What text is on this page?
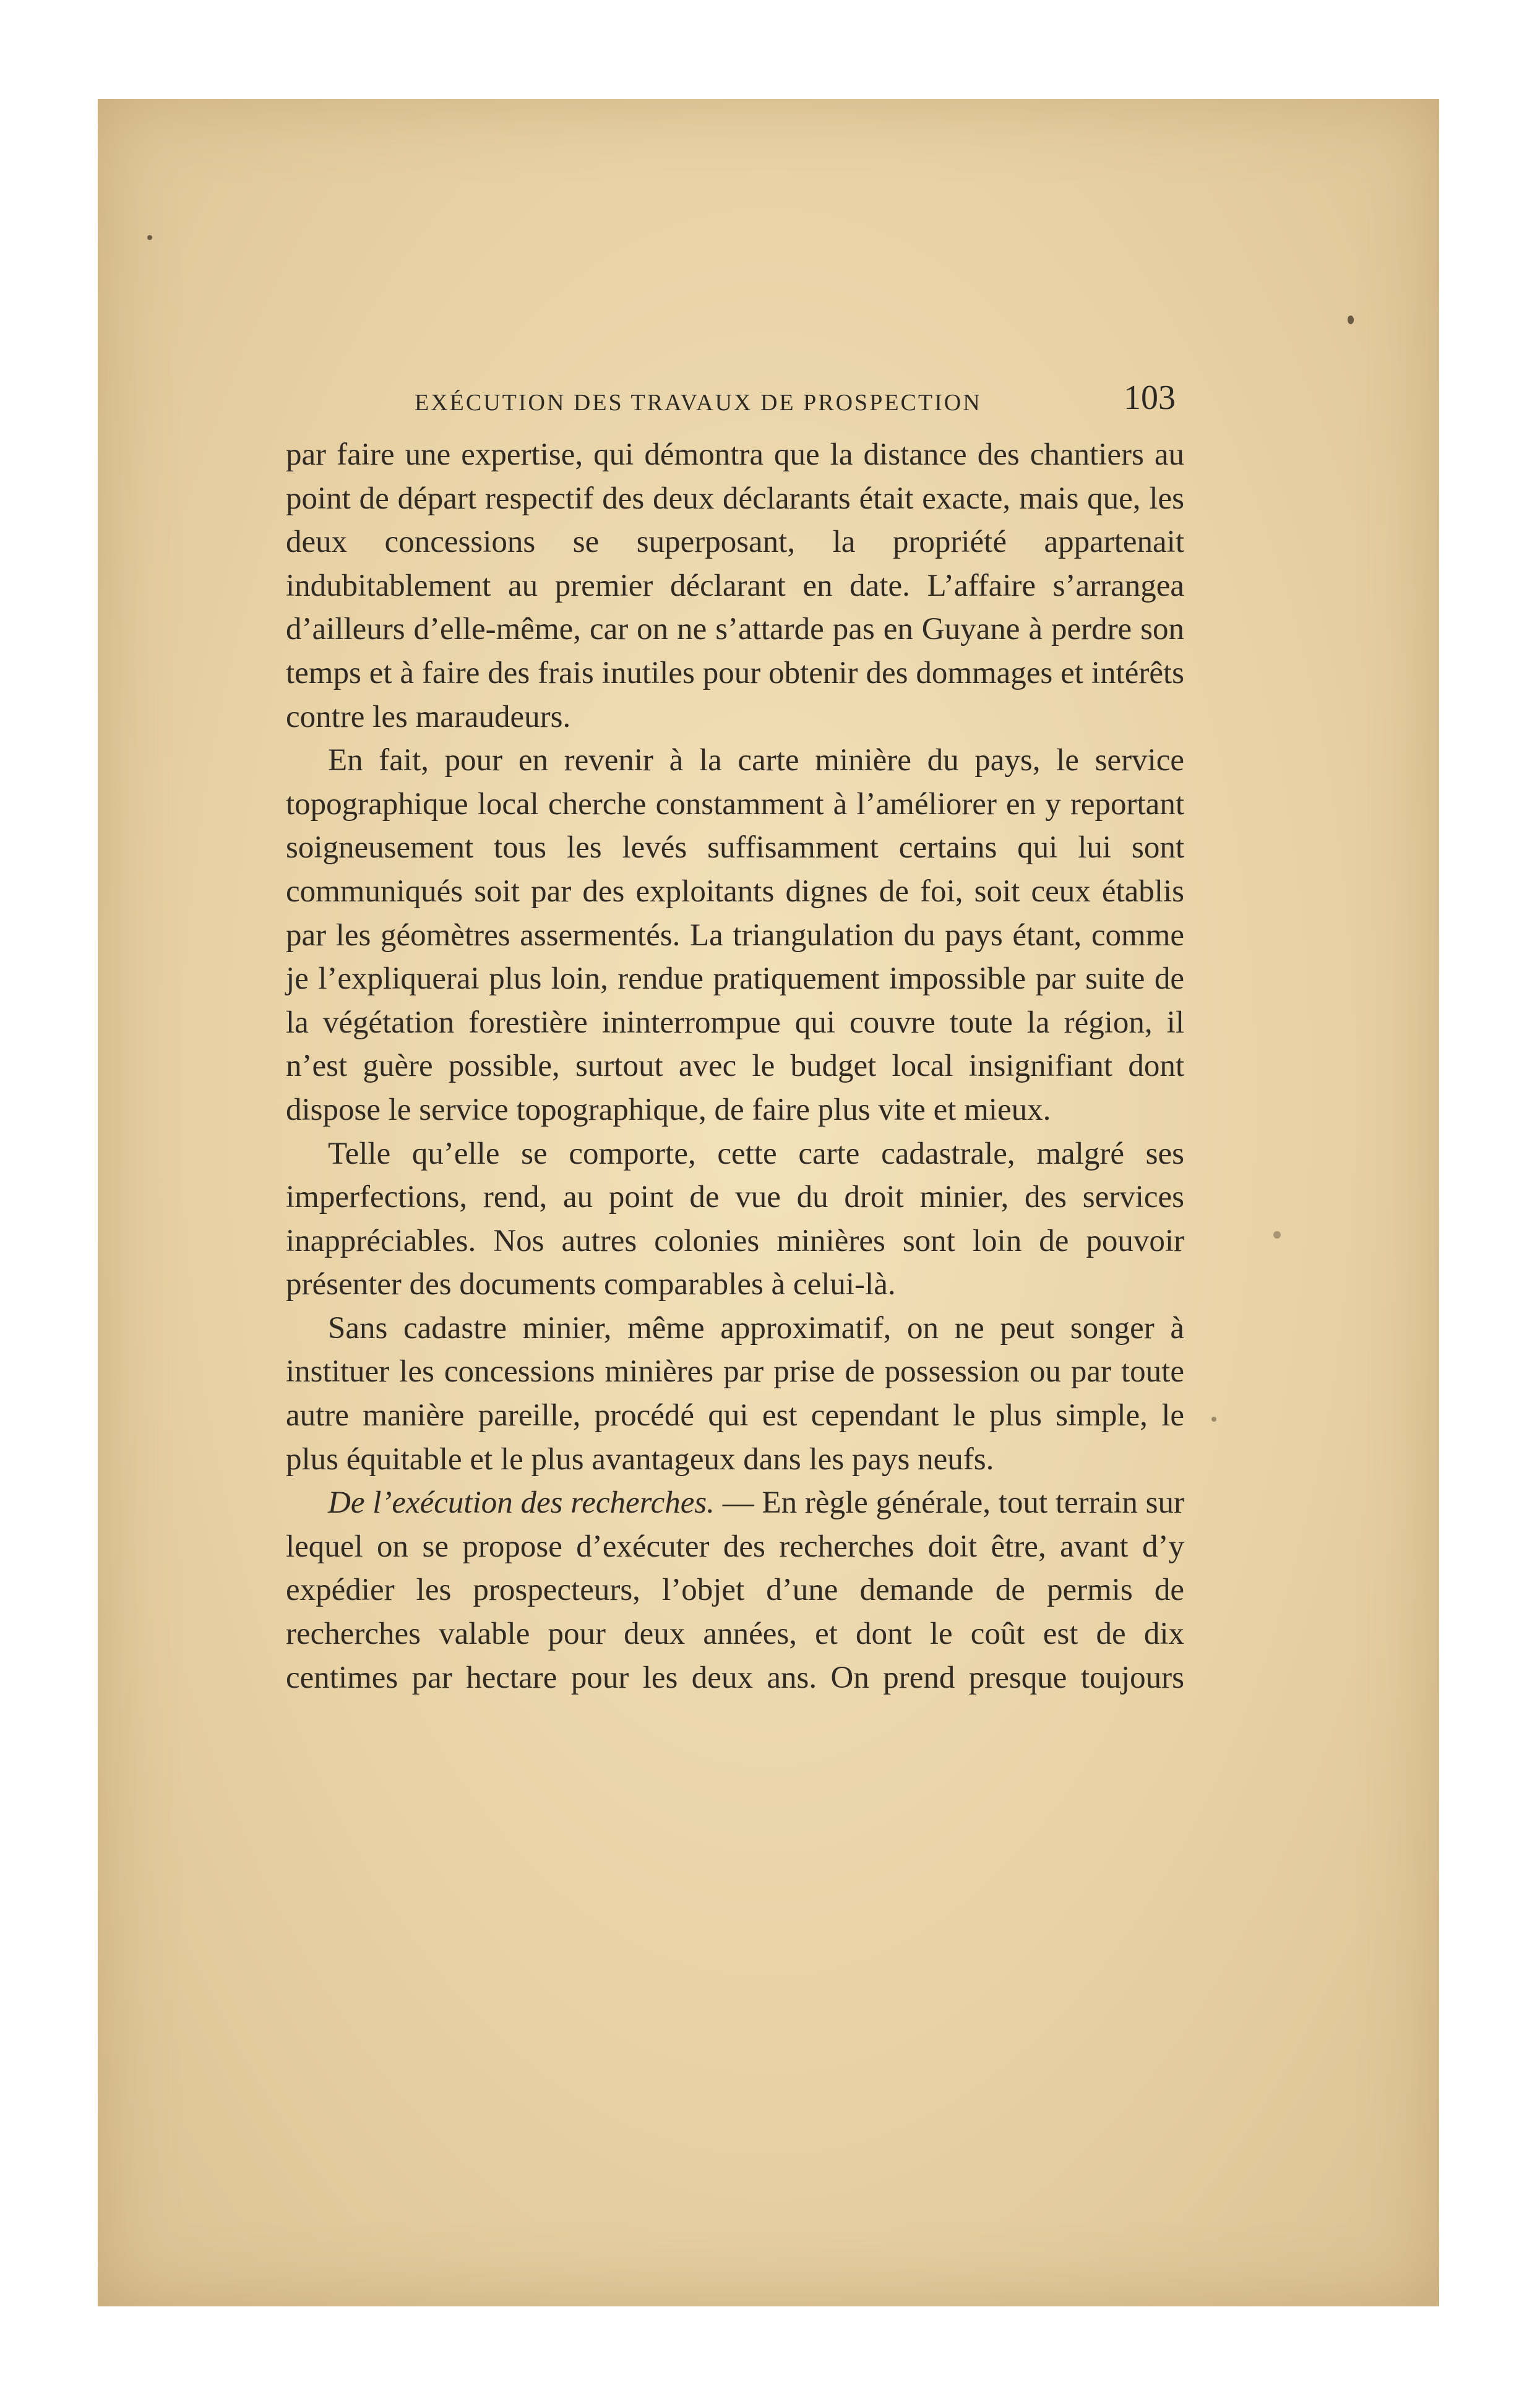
EXÉCUTION DES TRAVAUX DE PROSPECTION	103

par faire une expertise, qui démontra que la distance des chantiers au point de départ respectif des deux déclarants était exacte, mais que, les deux concessions se superposant, la propriété appartenait indubitablement au premier déclarant en date. L’affaire s’arrangea d’ailleurs d’elle-même, car on ne s’attarde pas en Guyane à perdre son temps et à faire des frais inutiles pour obtenir des dommages et intérêts contre les maraudeurs.

En fait, pour en revenir à la carte minière du pays, le service topographique local cherche constamment à l’améliorer en y reportant soigneusement tous les levés suffisamment certains qui lui sont communiqués soit par des exploitants dignes de foi, soit ceux établis par les géomètres assermentés. La triangulation du pays étant, comme je l’expliquerai plus loin, rendue pratiquement impossible par suite de la végétation forestière ininterrompue qui couvre toute la région, il n’est guère possible, surtout avec le budget local insignifiant dont dispose le service topographique, de faire plus vite et mieux.

Telle qu’elle se comporte, cette carte cadastrale, malgré ses imperfections, rend, au point de vue du droit minier, des services inappréciables. Nos autres colonies minières sont loin de pouvoir présenter des documents comparables à celui-là.

Sans cadastre minier, même approximatif, on ne peut songer à instituer les concessions minières par prise de possession ou par toute autre manière pareille, procédé qui est cependant le plus simple, le plus équitable et le plus avantageux dans les pays neufs.

De l’exécution des recherches. — En règle générale, tout terrain sur lequel on se propose d’exécuter des recherches doit être, avant d’y expédier les prospecteurs, l’objet d’une demande de permis de recherches valable pour deux années, et dont le coût est de dix centimes par hectare pour les deux ans. On prend presque toujours
